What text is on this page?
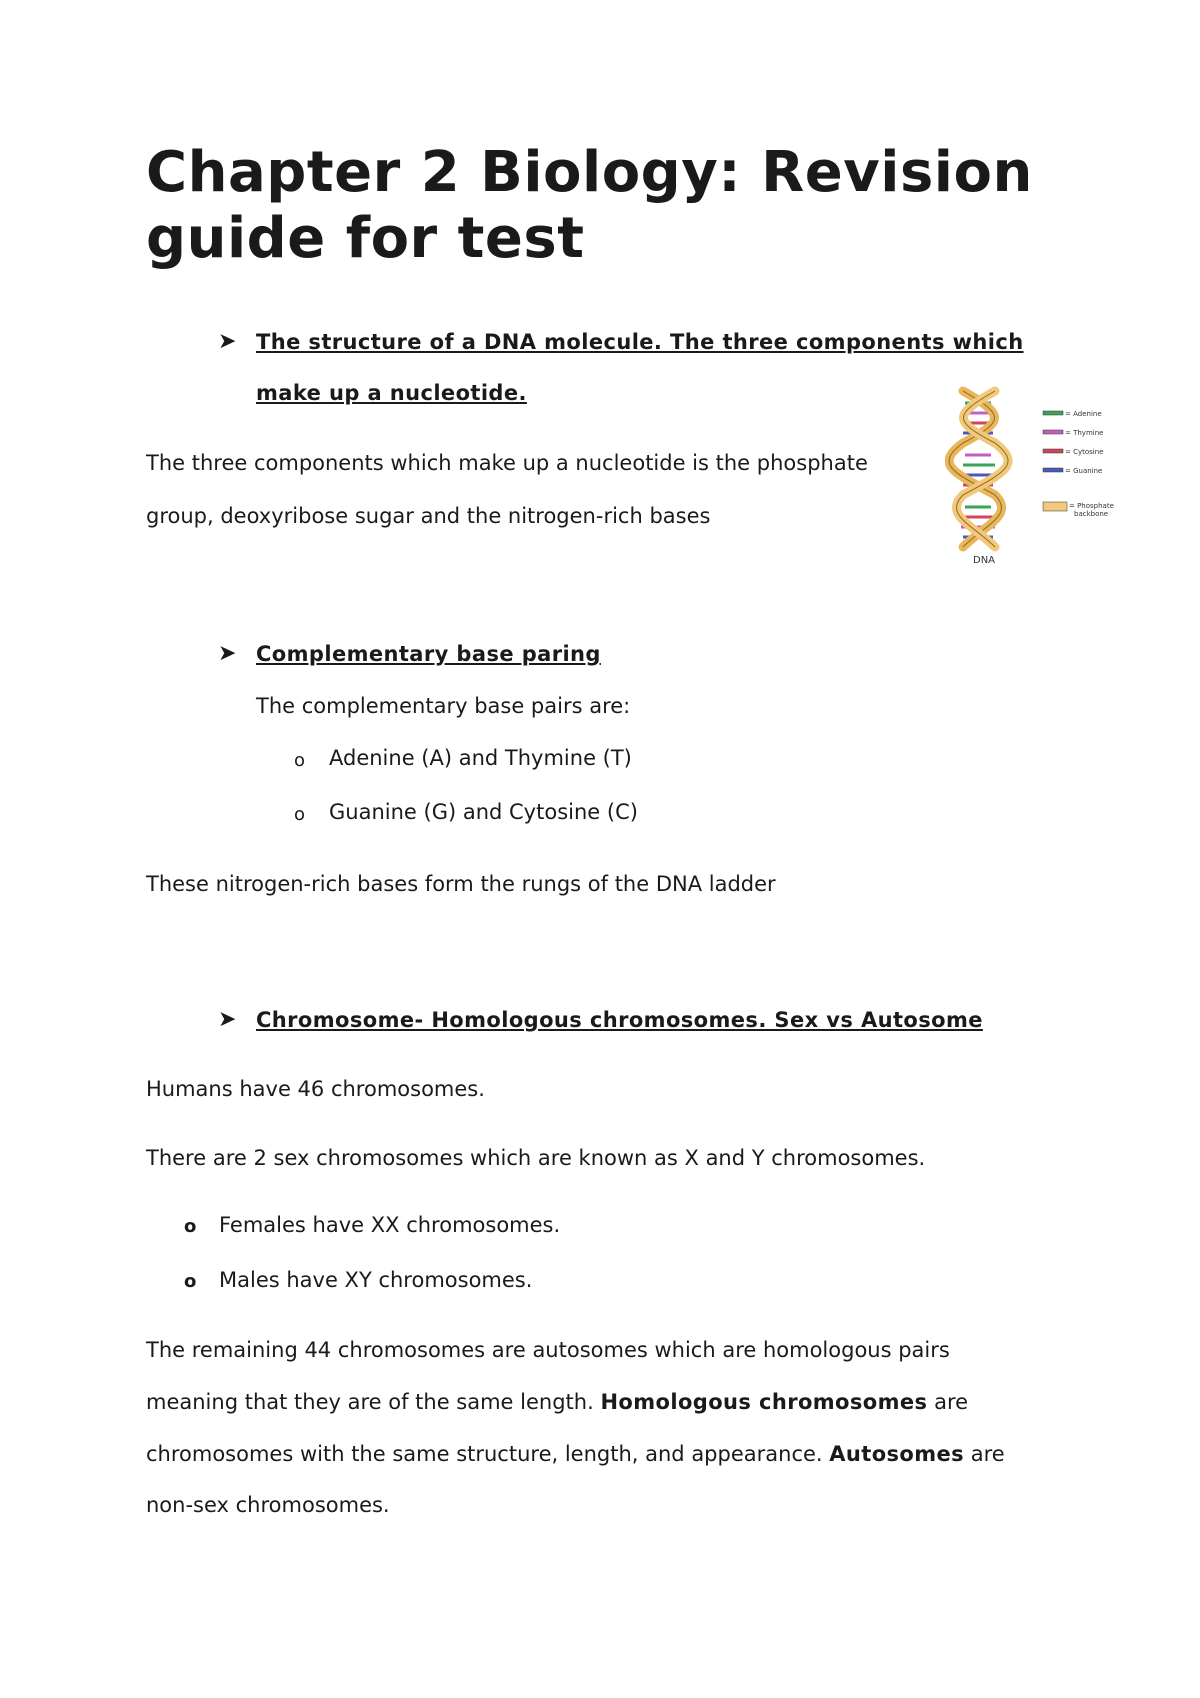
Chapter 2 Biology: Revision guide for test
➤ The structure of a DNA molecule. The three components which

make up a nucleotide.

The three components which make up a nucleotide is the phosphate

group, deoxyribose sugar and the nitrogen-rich bases

= Adenine
= Thymine
= Cytosine
= Guanine
= Phosphate
backbone
DNA
➤ Complementary base paring

The complementary base pairs are:

o Adenine (A) and Thymine (T)

o Guanine (G) and Cytosine (C)

These nitrogen-rich bases form the rungs of the DNA ladder

➤ Chromosome- Homologous chromosomes. Sex vs Autosome

Humans have 46 chromosomes.

There are 2 sex chromosomes which are known as X and Y chromosomes.

o Females have XX chromosomes.

o Males have XY chromosomes.

The remaining 44 chromosomes are autosomes which are homologous pairs

meaning that they are of the same length. Homologous chromosomes are

chromosomes with the same structure, length, and appearance. Autosomes are

non-sex chromosomes.
